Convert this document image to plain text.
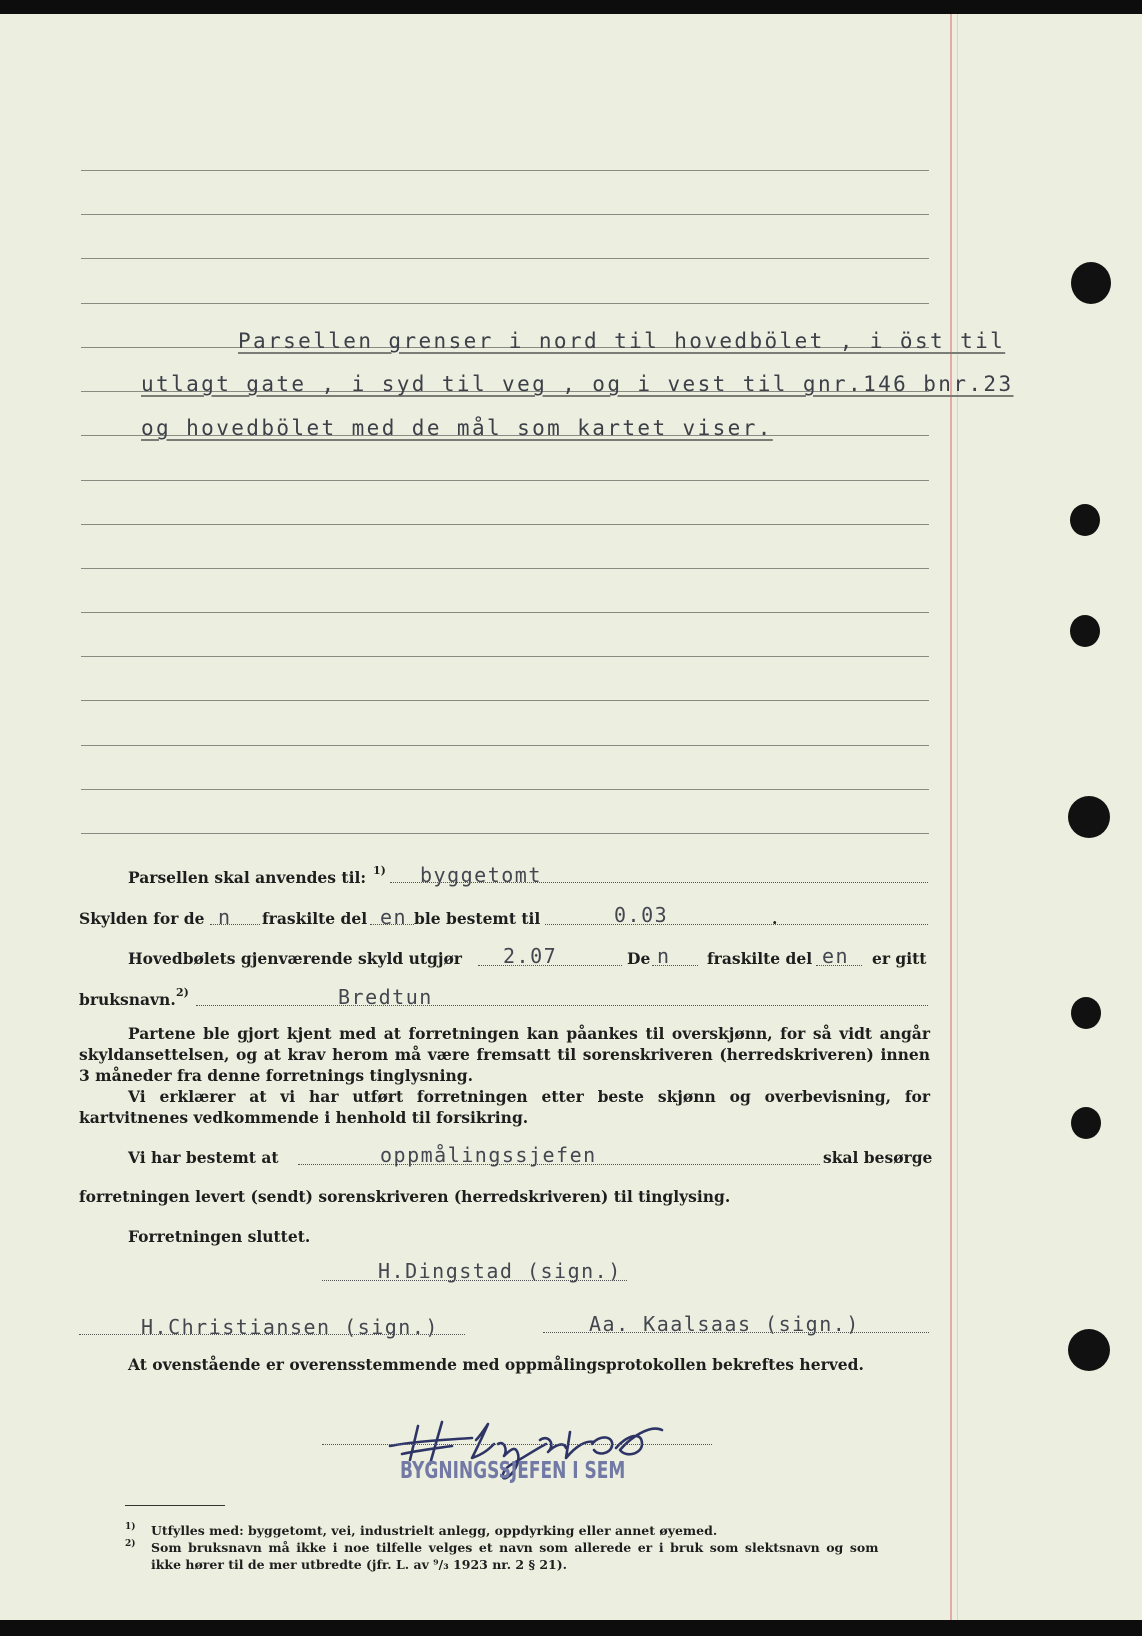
Parsellen grenser i nord til hovedbölet , i öst til
utlagt gate , i syd til veg , og i vest til gnr.146 bnr.23
og hovedbölet med de mål som kartet viser.
Parsellen skal anvendes til: 1) byggetomt
Skylden for de n fraskilte del en ble bestemt til	0.03	.
Hovedbølets gjenværende skyld utgjør 2.07	De n fraskilte del en er gitt
bruksnavn. 2)	Bredtun
Partene ble gjort kjent med at forretningen kan påankes til overskjønn, for så vidt angår skyldansettelsen, og at krav herom må være fremsatt til sorenskriveren (herredskriveren) innen 3 måneder fra denne forretnings tinglysning.
Vi erklærer at vi har utført forretningen etter beste skjønn og overbevisning, for kartvitnenes vedkommende i henhold til forsikring.
Vi har bestemt at	oppmålingssjefen	skal besørge
forretningen levert (sendt) sorenskriveren (herredskriveren) til tinglysing.
Forretningen sluttet.
H.Dingstad (sign.)
H.Christiansen (sign.)	Aa. Kaalsaas (sign.)
At ovenstående er overensstemmende med oppmålingsprotokollen bekreftes herved.
BYGNINGSSJEFEN I SEM
1) Utfylles med: byggetomt, vei, industrielt anlegg, oppdyrking eller annet øyemed.
2) Som bruksnavn må ikke i noe tilfelle velges et navn som allerede er i bruk som slektsnavn og som
ikke hører til de mer utbredte (jfr. L. av ⁹/₃ 1923 nr. 2 § 21).
